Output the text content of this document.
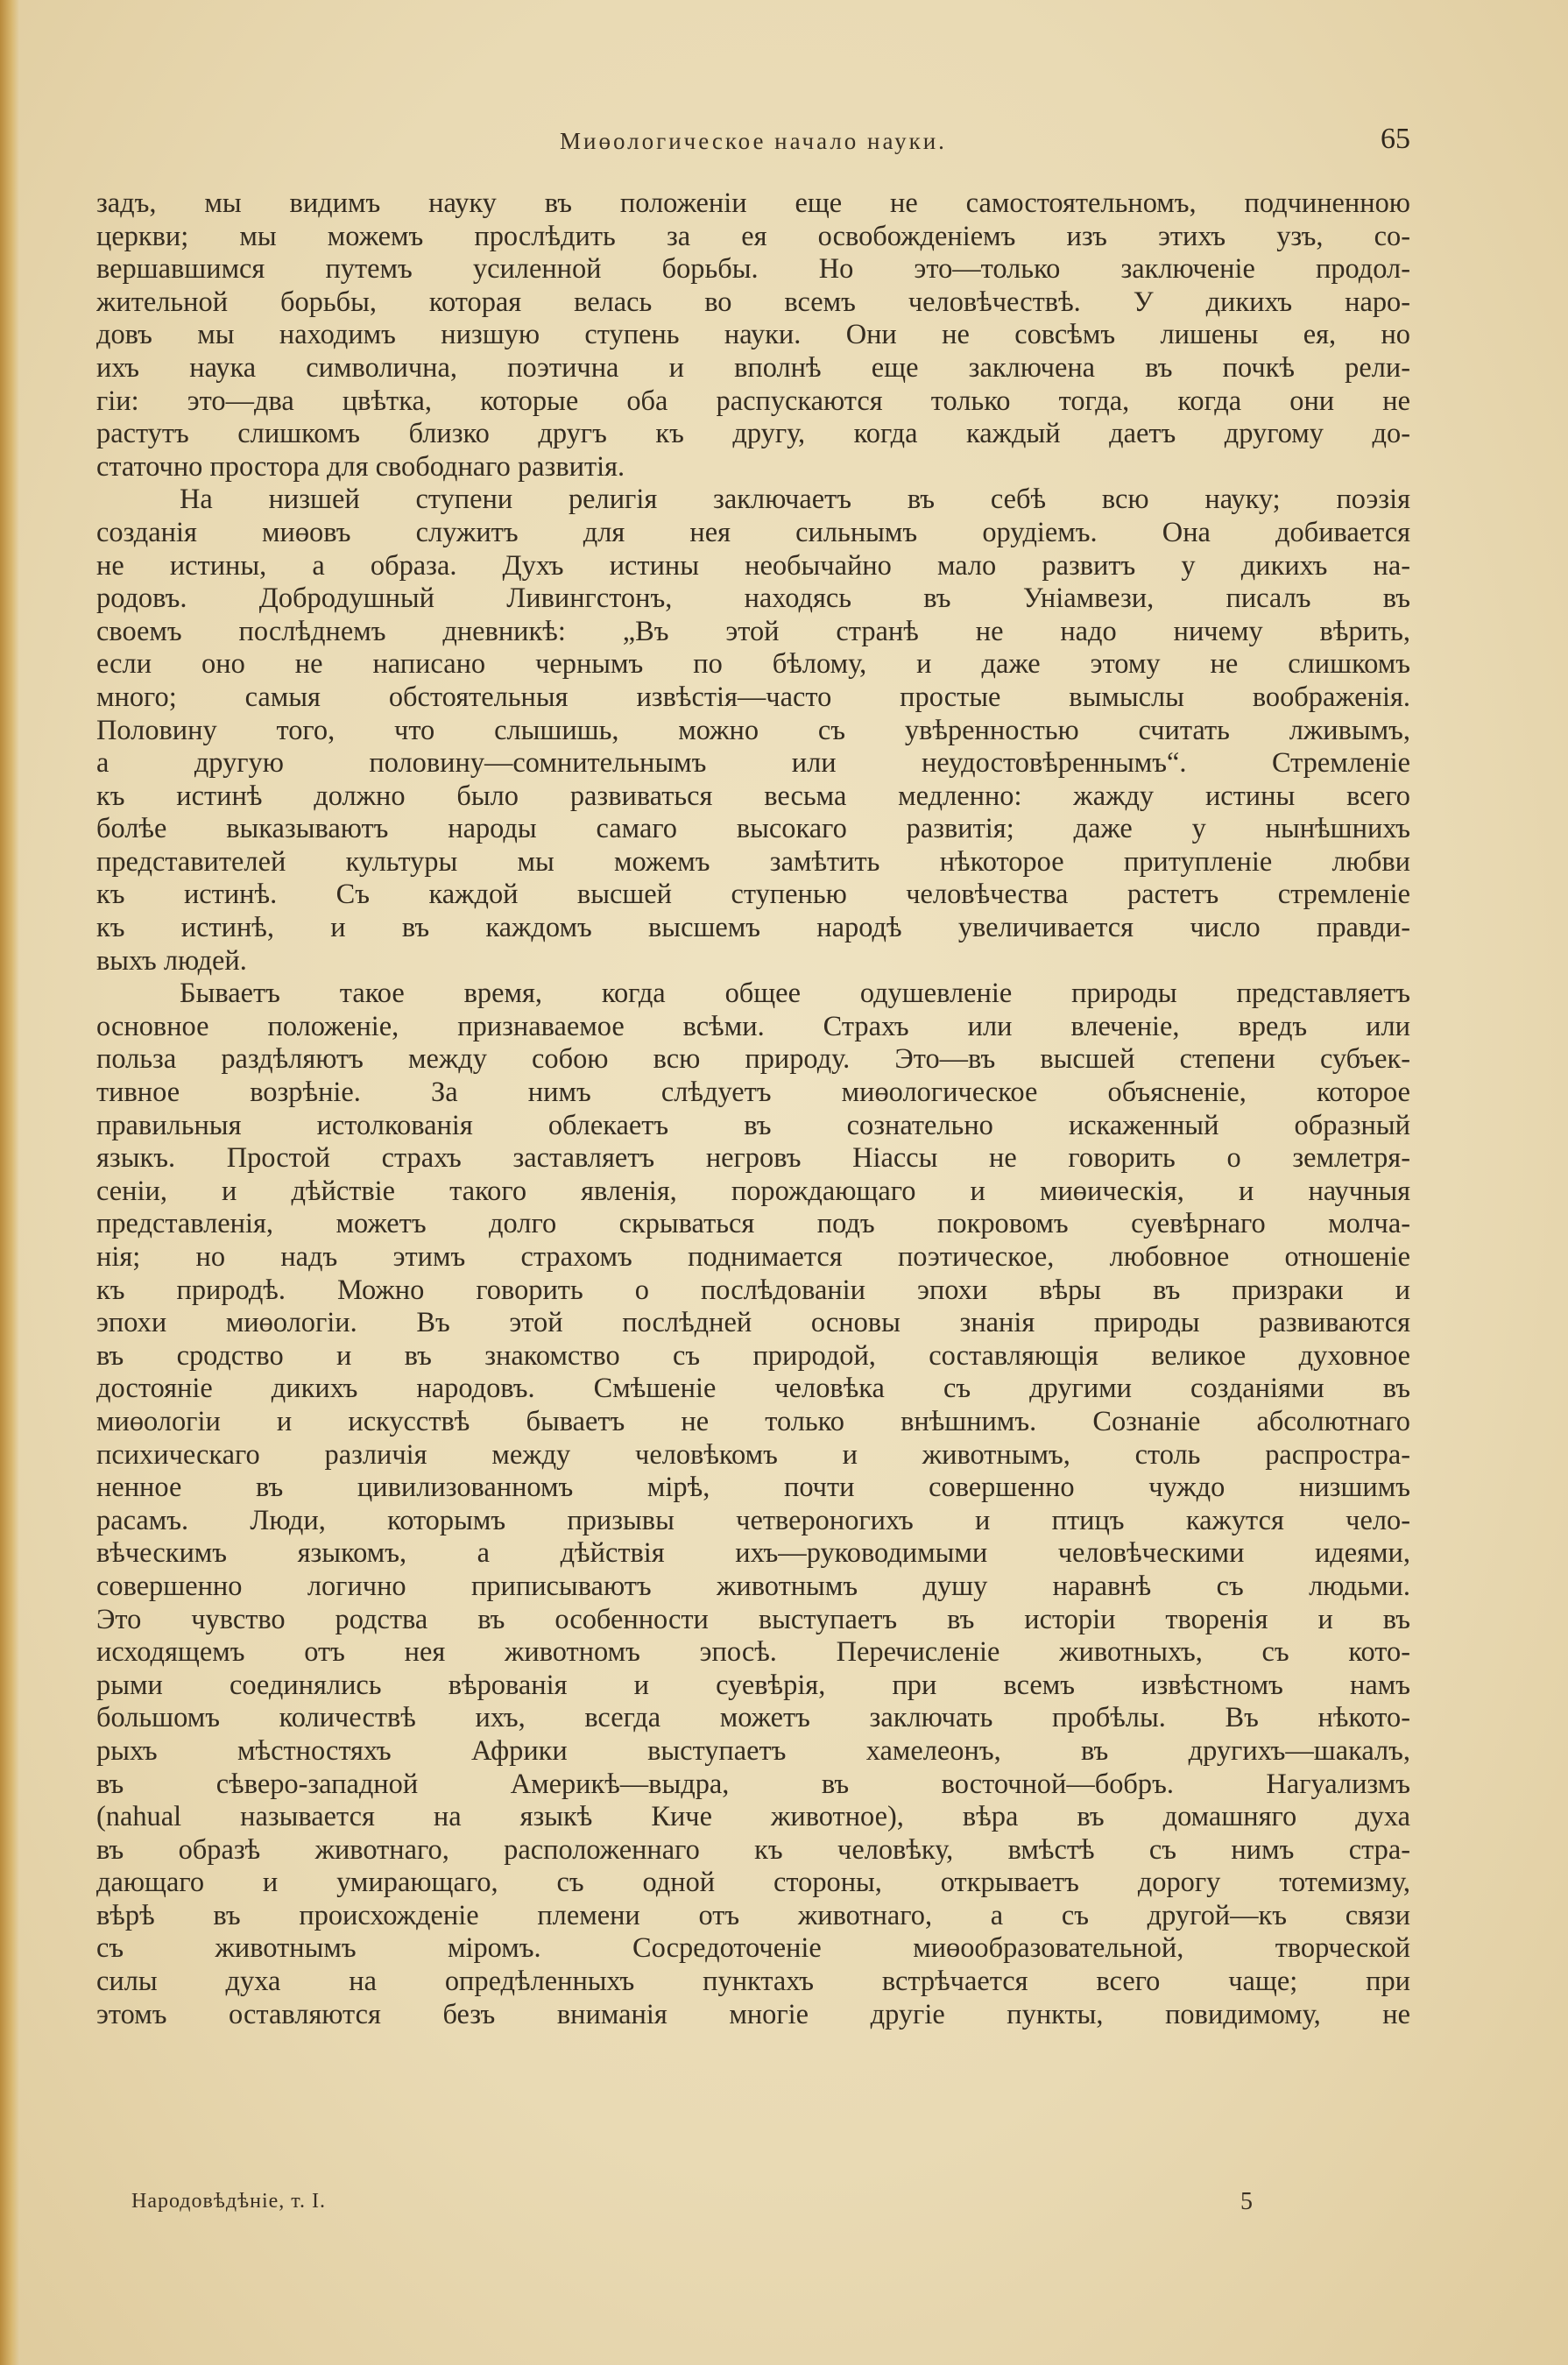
Миөологическое начало науки.	65
задъ, мы видимъ науку въ положеніи еще не самостоятельномъ, подчиненною
церкви; мы можемъ прослѣдить за ея освобожденіемъ изъ этихъ узъ, со-
вершавшимся путемъ усиленной борьбы. Но это—только заключеніе продол-
жительной борьбы, которая велась во всемъ человѣчествѣ. У дикихъ наро-
довъ мы находимъ низшую ступень науки. Они не совсѣмъ лишены ея, но
ихъ наука символична, поэтична и вполнѣ еще заключена въ почкѣ рели-
гіи: это—два цвѣтка, которые оба распускаются только тогда, когда они не
растутъ слишкомъ близко другъ къ другу, когда каждый даетъ другому до-
статочно простора для свободнаго развитія.
На низшей ступени религія заключаетъ въ себѣ всю науку; поэзія
созданія миөовъ служитъ для нея сильнымъ орудіемъ. Она добивается
не истины, а образа. Духъ истины необычайно мало развитъ у дикихъ на-
родовъ. Добродушный Ливингстонъ, находясь въ Уніамвези, писалъ въ
своемъ послѣднемъ дневникѣ: „Въ этой странѣ не надо ничему вѣрить,
если оно не написано чернымъ по бѣлому, и даже этому не слишкомъ
много; самыя обстоятельныя извѣстія—часто простые вымыслы воображенія.
Половину того, что слышишь, можно съ увѣренностью считать лживымъ,
а другую половину—сомнительнымъ или неудостовѣреннымъ“. Стремленіе
къ истинѣ должно было развиваться весьма медленно: жажду истины всего
болѣе выказываютъ народы самаго высокаго развитія; даже у нынѣшнихъ
представителей культуры мы можемъ замѣтить нѣкоторое притупленіе любви
къ истинѣ. Съ каждой высшей ступенью человѣчества растетъ стремленіе
къ истинѣ, и въ каждомъ высшемъ народѣ увеличивается число правди-
выхъ людей.
Бываетъ такое время, когда общее одушевленіе природы представляетъ
основное положеніе, признаваемое всѣми. Страхъ или влеченіе, вредъ или
польза раздѣляютъ между собою всю природу. Это—въ высшей степени субъек-
тивное возрѣніе. За нимъ слѣдуетъ миөологическое объясненіе, которое
правильныя истолкованія облекаетъ въ сознательно искаженный образный
языкъ. Простой страхъ заставляетъ негровъ Ніассы не говорить о землетря-
сеніи, и дѣйствіе такого явленія, порождающаго и миөическія, и научныя
представленія, можетъ долго скрываться подъ покровомъ суевѣрнаго молча-
нія; но надъ этимъ страхомъ поднимается поэтическое, любовное отношеніе
къ природѣ. Можно говорить о послѣдованіи эпохи вѣры въ призраки и
эпохи миөологіи. Въ этой послѣдней основы знанія природы развиваются
въ сродство и въ знакомство съ природой, составляющія великое духовное
достояніе дикихъ народовъ. Смѣшеніе человѣка съ другими созданіями въ
миөологіи и искусствѣ бываетъ не только внѣшнимъ. Сознаніе абсолютнаго
психическаго различія между человѣкомъ и животнымъ, столь распростра-
ненное въ цивилизованномъ мірѣ, почти совершенно чуждо низшимъ
расамъ. Люди, которымъ призывы четвероногихъ и птицъ кажутся чело-
вѣческимъ языкомъ, а дѣйствія ихъ—руководимыми человѣческими идеями,
совершенно логично приписываютъ животнымъ душу наравнѣ съ людьми.
Это чувство родства въ особенности выступаетъ въ исторіи творенія и въ
исходящемъ отъ нея животномъ эпосѣ. Перечисленіе животныхъ, съ кото-
рыми соединялись вѣрованія и суевѣрія, при всемъ извѣстномъ намъ
большомъ количествѣ ихъ, всегда можетъ заключать пробѣлы. Въ нѣкото-
рыхъ мѣстностяхъ Африки выступаетъ хамелеонъ, въ другихъ—шакалъ,
въ сѣверо-западной Америкѣ—выдра, въ восточной—бобръ. Нагуализмъ
(nahual называется на языкѣ Киче животное), вѣра въ домашняго духа
въ образѣ животнаго, расположеннаго къ человѣку, вмѣстѣ съ нимъ стра-
дающаго и умирающаго, съ одной стороны, открываетъ дорогу тотемизму,
вѣрѣ въ происхожденіе племени отъ животнаго, а съ другой—къ связи
съ животнымъ міромъ. Сосредоточеніе миөообразовательной, творческой
силы духа на опредѣленныхъ пунктахъ встрѣчается всего чаще; при
этомъ оставляются безъ вниманія многіе другіе пункты, повидимому, не
Народовѣдѣніе, т. I.	5
